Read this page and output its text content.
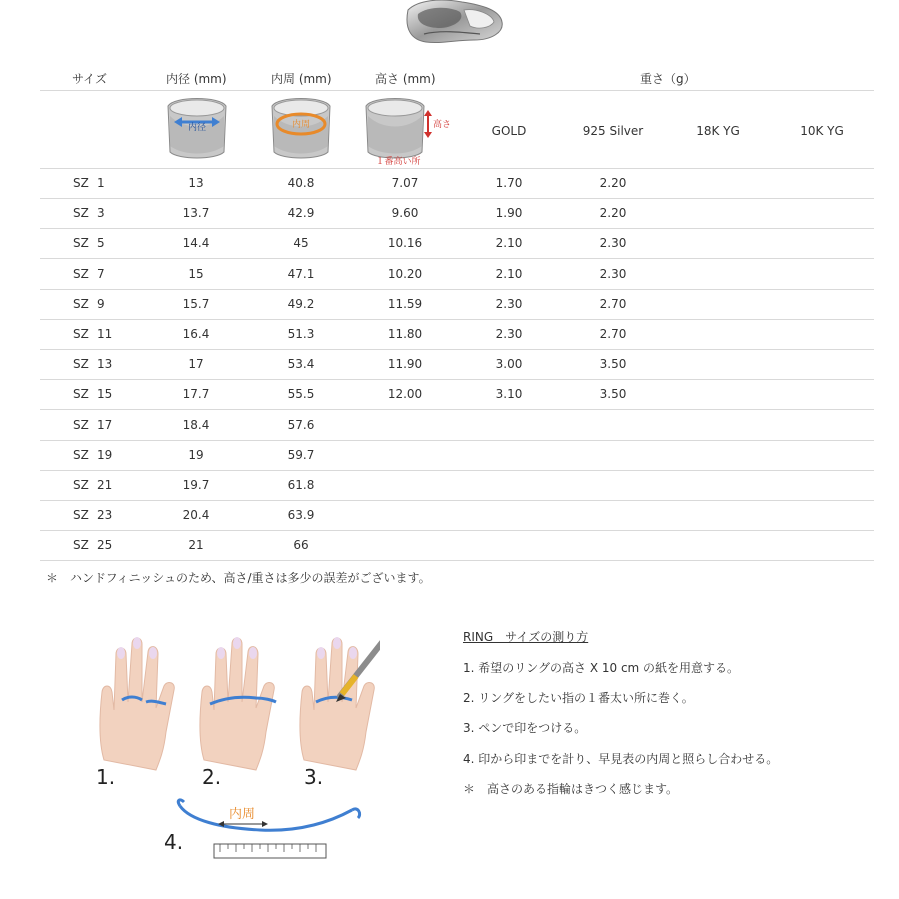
サイズ	内径 (mm)	内周 (mm)	高さ (mm)	重さ（g）
内径	内周	高さ
１番高い所
GOLD	925 Silver	18K YG	10K YG
SZ 1	13	40.8	7.07	1.70	2.20
SZ 3	13.7	42.9	9.60	1.90	2.20
SZ 5	14.4	45	10.16	2.10	2.30
SZ 7	15	47.1	10.20	2.10	2.30
SZ 9	15.7	49.2	11.59	2.30	2.70
SZ 11	16.4	51.3	11.80	2.30	2.70
SZ 13	17	53.4	11.90	3.00	3.50
SZ 15	17.7	55.5	12.00	3.10	3.50
SZ 17	18.4	57.6
SZ 19	19	59.7
SZ 21	19.7	61.8
SZ 23	20.4	63.9
SZ 25	21	66
＊　ハンドフィニッシュのため、高さ/重さは多少の誤差がございます。
RING　サイズの測り方
1. 希望のリングの高さ X 10 cm の紙を用意する。
2. リングをしたい指の１番太い所に巻く。
3. ペンで印をつける。
4. 印から印までを計り、早見表の内周と照らし合わせる。
＊　高さのある指輪はきつく感じます。
内周
1.	2.	3.
4.
